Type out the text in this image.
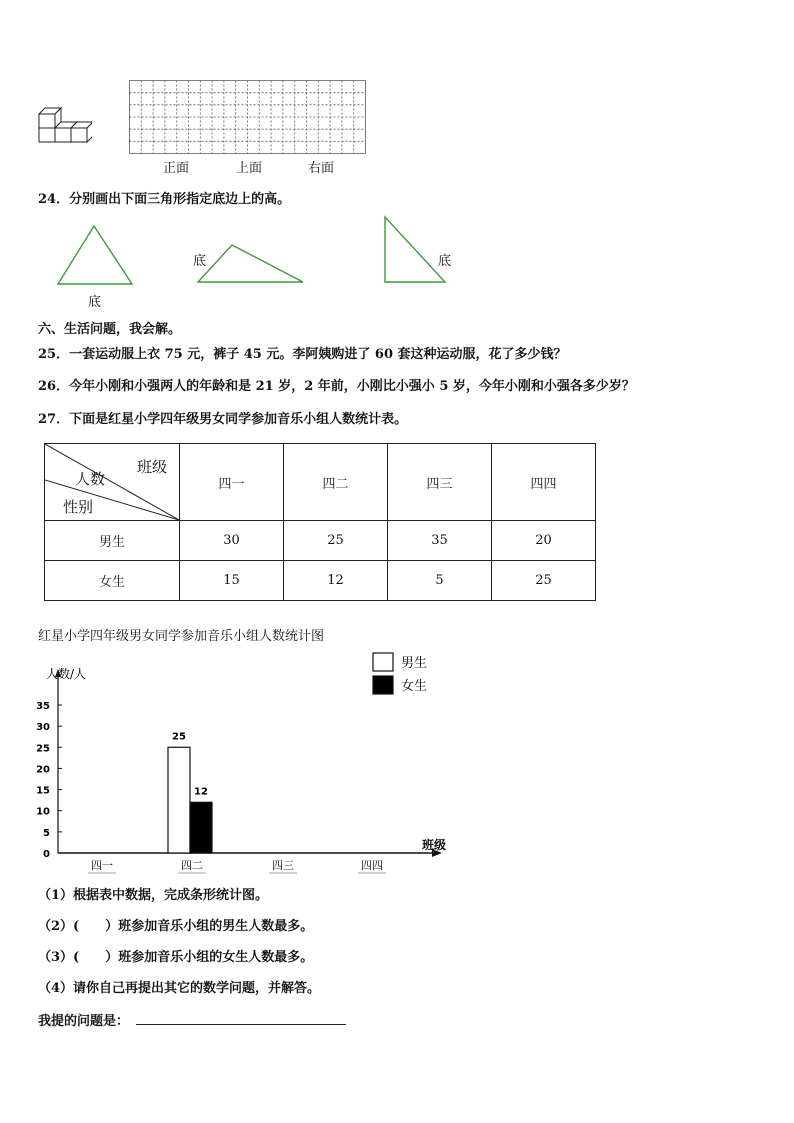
正面	上面	右面
24．分别画出下面三角形指定底边上的高。
底
底	底
六、生活问题，我会解。
25．一套运动服上衣 75 元，裤子 45 元。李阿姨购进了 60 套这种运动服，花了多少钱？
26．今年小刚和小强两人的年龄和是 21 岁，2 年前，小刚比小强小 5 岁，今年小刚和小强各多少岁？
27．下面是红星小学四年级男女同学参加音乐小组人数统计表。
班级
人数
性别	四一	四二	四三	四四
男生	30	25	35	20
女生	15	12	5	25
红星小学四年级男女同学参加音乐小组人数统计图
人数/人
0
5
10
15
20
25
30
35
班级
四一	四二	四三	四四
25
12
男生
女生
（1）根据表中数据，完成条形统计图。
（2）(　　）班参加音乐小组的男生人数最多。
（3）(　　）班参加音乐小组的女生人数最多。
（4）请你自己再提出其它的数学问题，并解答。
我提的问题是：
